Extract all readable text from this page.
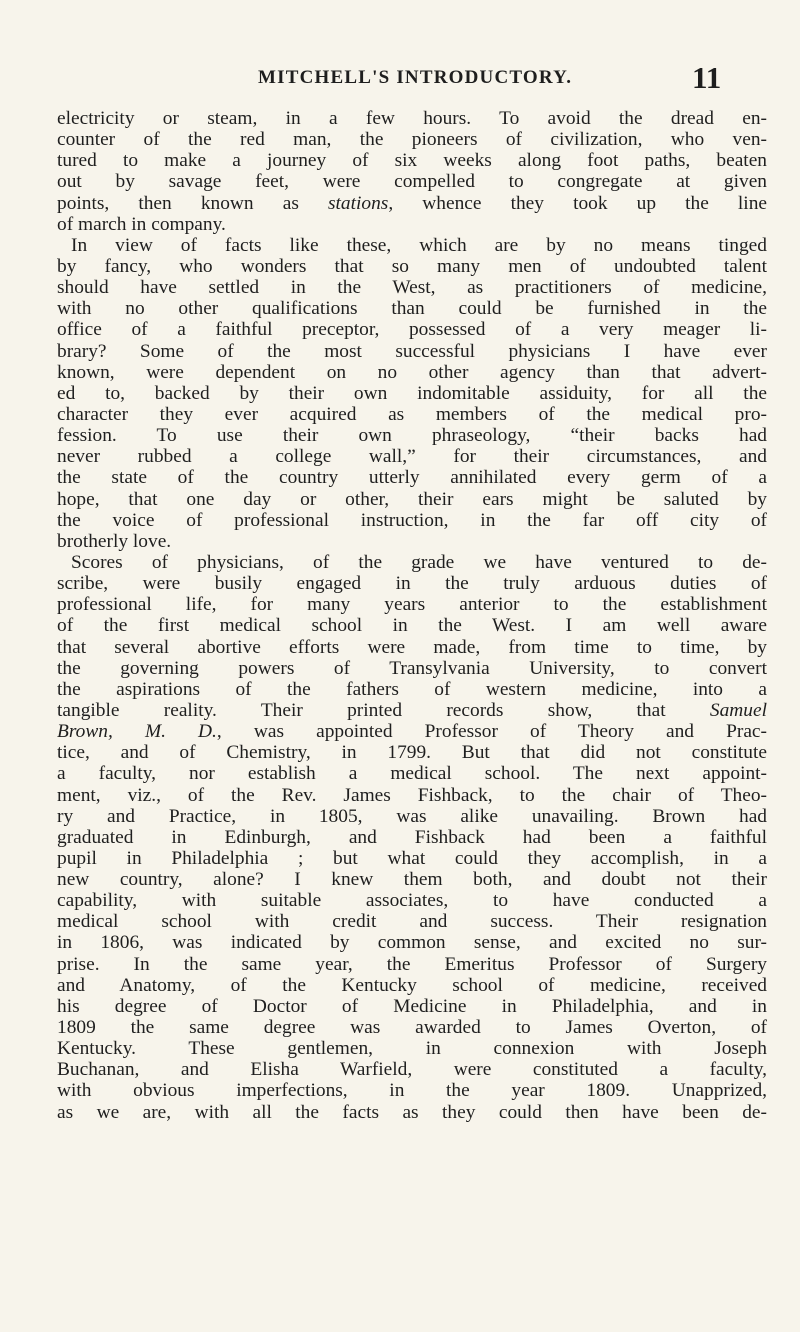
MITCHELL'S INTRODUCTORY.	11
electricity or steam, in a few hours. To avoid the dread en-
counter of the red man, the pioneers of civilization, who ven-
tured to make a journey of six weeks along foot paths, beaten
out by savage feet, were compelled to congregate at given
points, then known as stations, whence they took up the line
of march in company.
In view of facts like these, which are by no means tinged
by fancy, who wonders that so many men of undoubted talent
should have settled in the West, as practitioners of medicine,
with no other qualifications than could be furnished in the
office of a faithful preceptor, possessed of a very meager li-
brary? Some of the most successful physicians I have ever
known, were dependent on no other agency than that advert-
ed to, backed by their own indomitable assiduity, for all the
character they ever acquired as members of the medical pro-
fession. To use their own phraseology, “their backs had
never rubbed a college wall,” for their circumstances, and
the state of the country utterly annihilated every germ of a
hope, that one day or other, their ears might be saluted by
the voice of professional instruction, in the far off city of
brotherly love.
Scores of physicians, of the grade we have ventured to de-
scribe, were busily engaged in the truly arduous duties of
professional life, for many years anterior to the establishment
of the first medical school in the West. I am well aware
that several abortive efforts were made, from time to time, by
the governing powers of Transylvania University, to convert
the aspirations of the fathers of western medicine, into a
tangible reality. Their printed records show, that Samuel
Brown, M. D., was appointed Professor of Theory and Prac-
tice, and of Chemistry, in 1799. But that did not constitute
a faculty, nor establish a medical school. The next appoint-
ment, viz., of the Rev. James Fishback, to the chair of Theo-
ry and Practice, in 1805, was alike unavailing. Brown had
graduated in Edinburgh, and Fishback had been a faithful
pupil in Philadelphia ; but what could they accomplish, in a
new country, alone? I knew them both, and doubt not their
capability, with suitable associates, to have conducted a
medical school with credit and success. Their resignation
in 1806, was indicated by common sense, and excited no sur-
prise. In the same year, the Emeritus Professor of Surgery
and Anatomy, of the Kentucky school of medicine, received
his degree of Doctor of Medicine in Philadelphia, and in
1809 the same degree was awarded to James Overton, of
Kentucky. These gentlemen, in connexion with Joseph
Buchanan, and Elisha Warfield, were constituted a faculty,
with obvious imperfections, in the year 1809. Unapprized,
as we are, with all the facts as they could then have been de-
